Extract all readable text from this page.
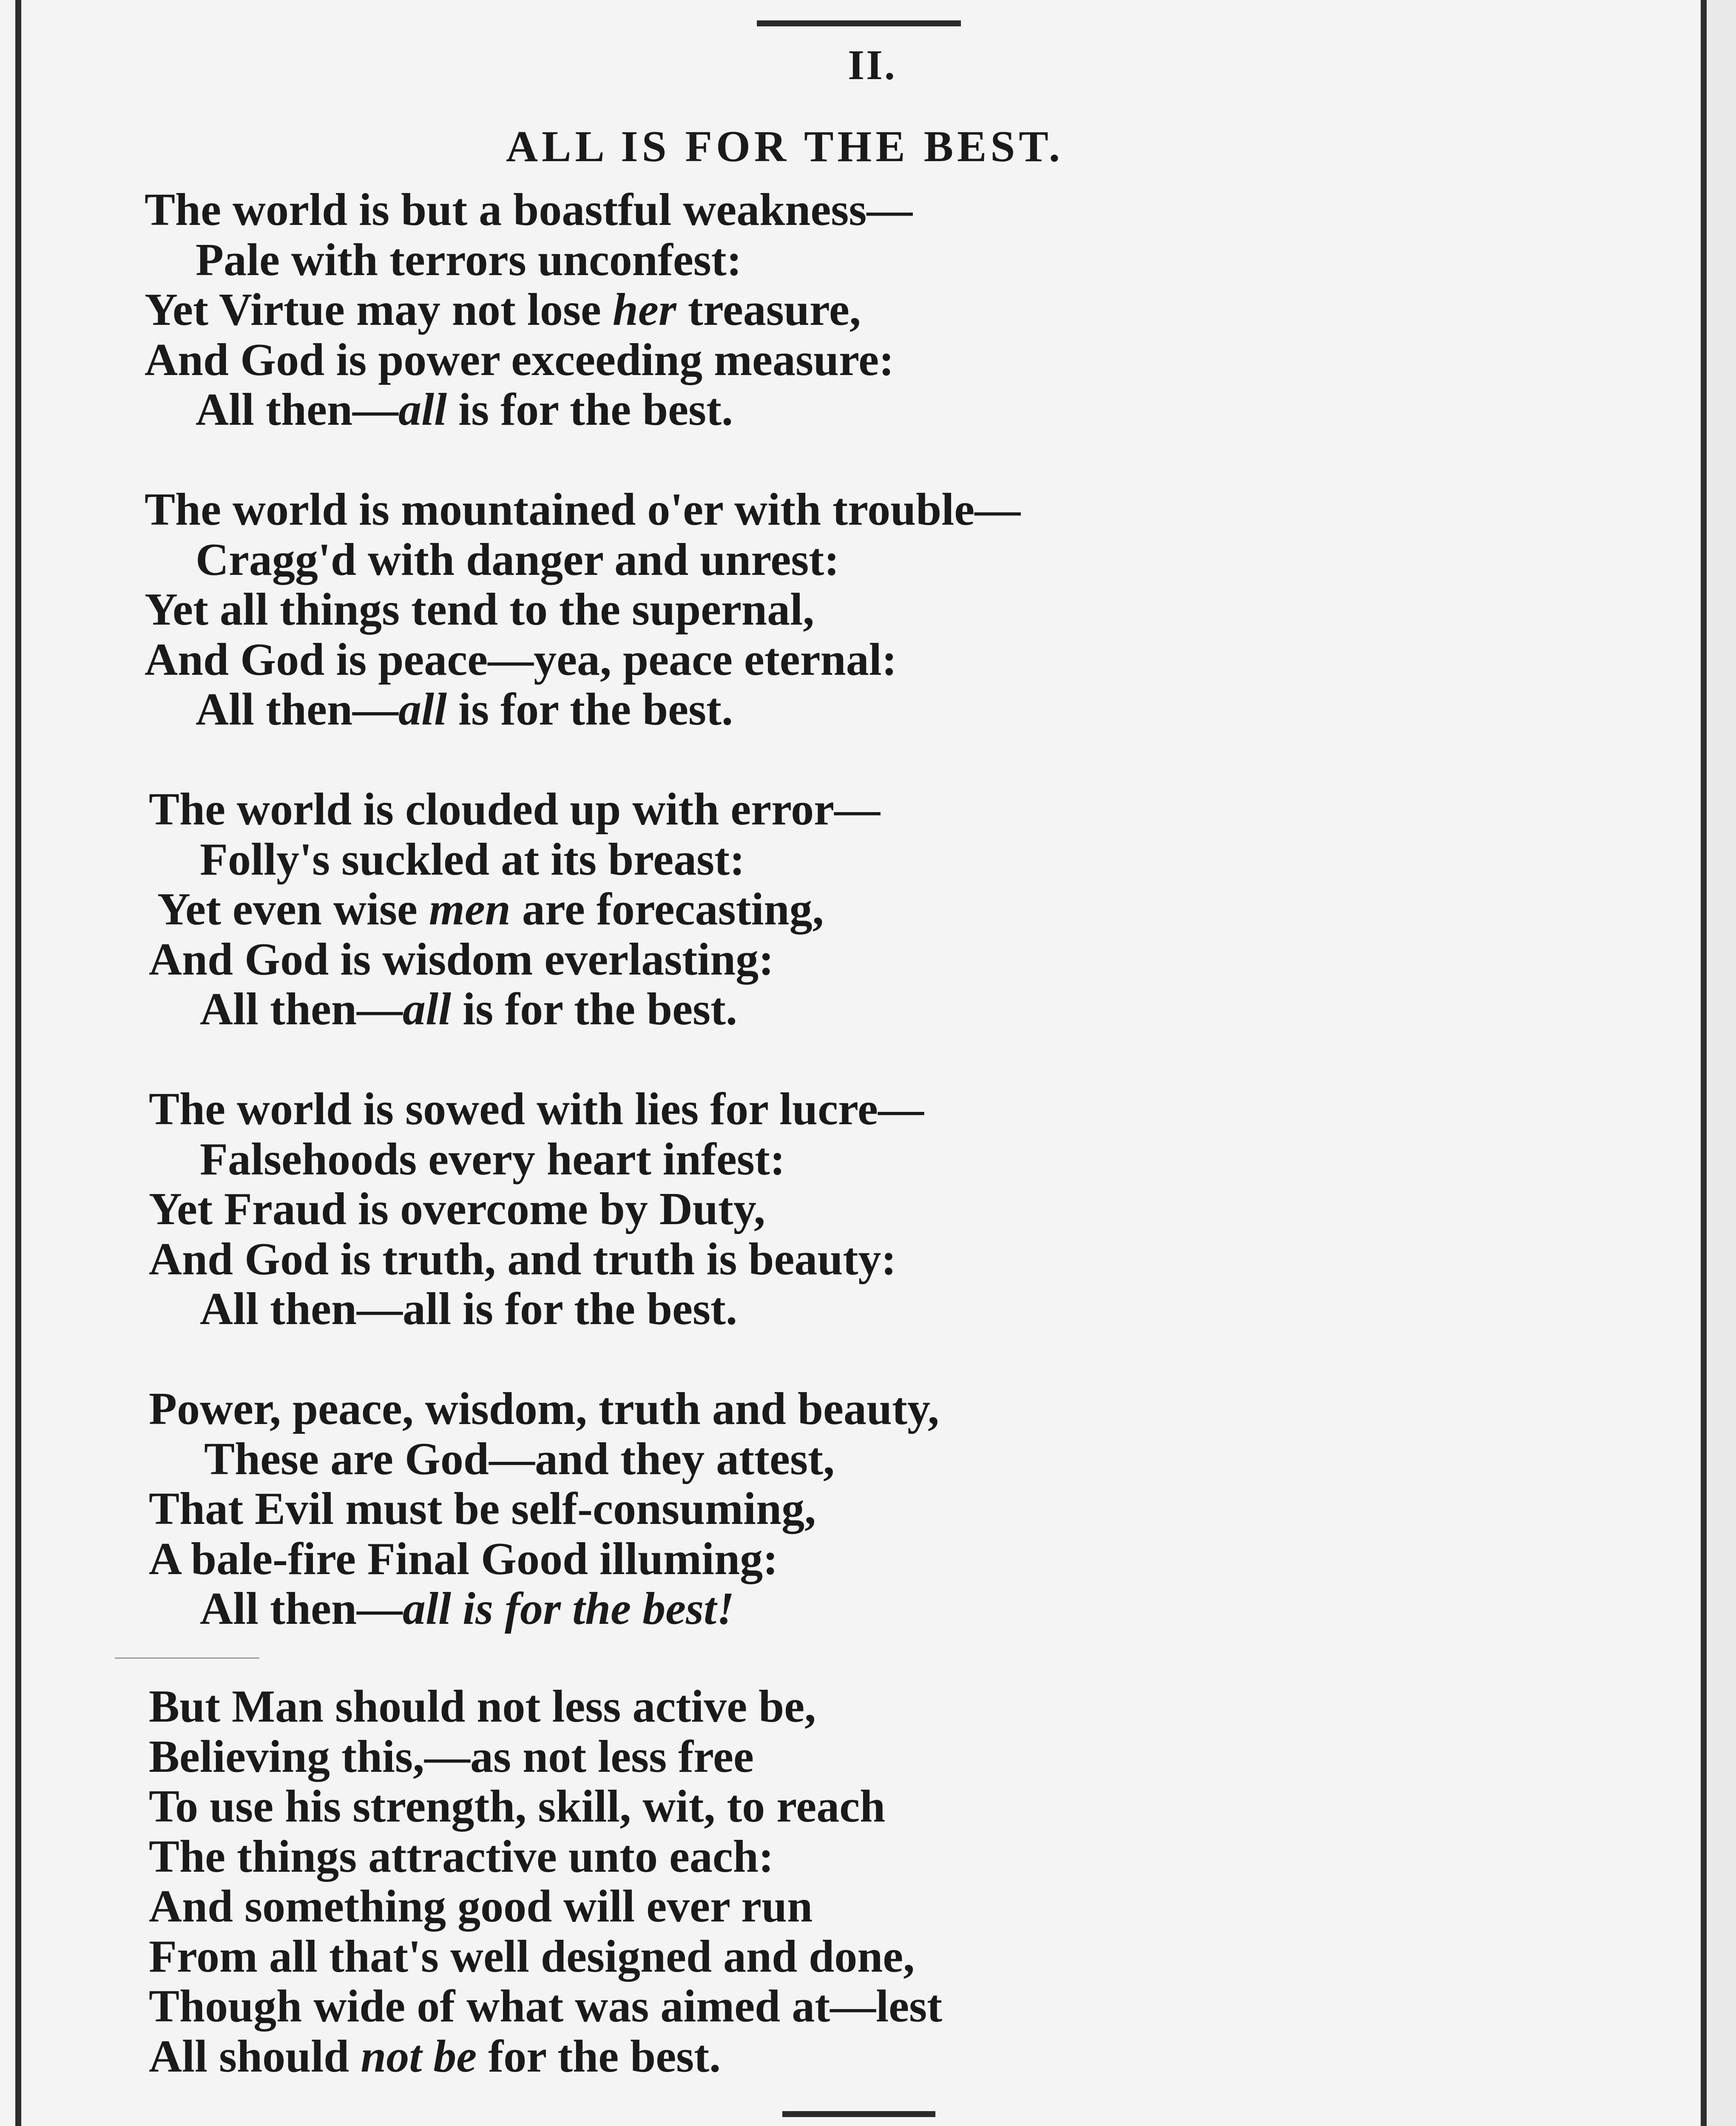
II.
ALL IS FOR THE BEST.
The world is but a boastful weakness—
Pale with terrors unconfest:
Yet Virtue may not lose her treasure,
And God is power exceeding measure:
All then—all is for the best.
The world is mountained o'er with trouble—
Cragg'd with danger and unrest:
Yet all things tend to the supernal,
And God is peace—yea, peace eternal:
All then—all is for the best.
The world is clouded up with error—
Folly's suckled at its breast:
Yet even wise men are forecasting,
And God is wisdom everlasting:
All then—all is for the best.
The world is sowed with lies for lucre—
Falsehoods every heart infest:
Yet Fraud is overcome by Duty,
And God is truth, and truth is beauty:
All then—all is for the best.
Power, peace, wisdom, truth and beauty,
These are God—and they attest,
That Evil must be self-consuming,
A bale-fire Final Good illuming:
All then—all is for the best!
But Man should not less active be,
Believing this,—as not less free
To use his strength, skill, wit, to reach
The things attractive unto each:
And something good will ever run
From all that's well designed and done,
Though wide of what was aimed at—lest
All should not be for the best.
